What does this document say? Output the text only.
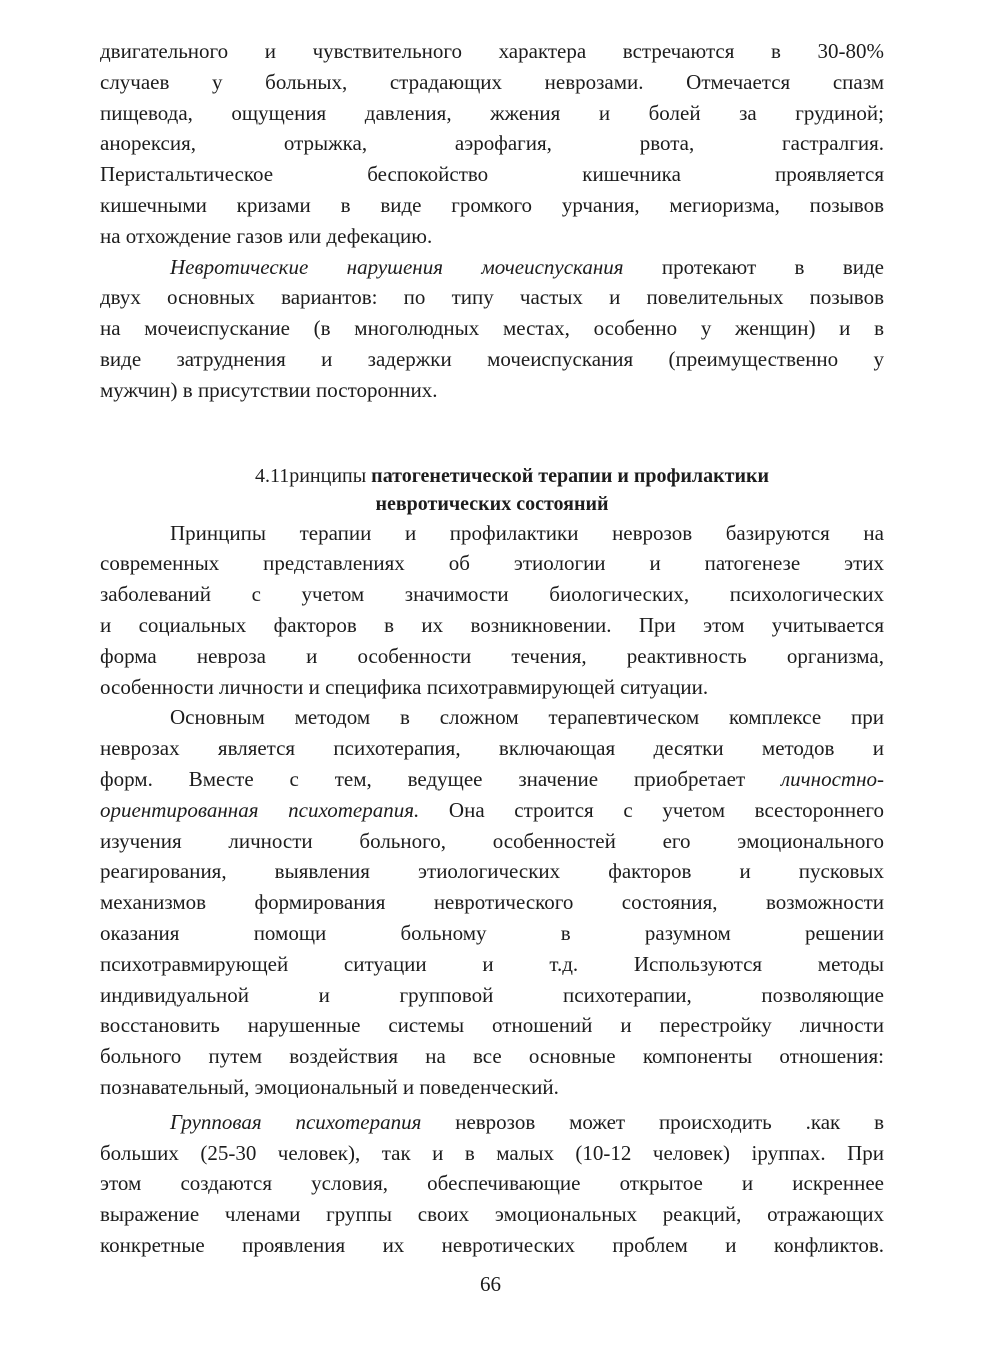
двигательного и чувствительного характера встречаются в 30-80%
случаев у больных, страдающих неврозами. Отмечается спазм
пищевода, ощущения давления, жжения и болей за грудиной;
анорексия, отрыжка, аэрофагия, рвота, гастралгия.
Перистальтическое беспокойство кишечника проявляется
кишечными кризами в виде громкого урчания, мегиоризма, позывов
на отхождение газов или дефекацию.
Невротические нарушения мочеиспускания протекают в виде
двух основных вариантов: по типу частых и повелительных позывов
на мочеиспускание (в многолюдных местах, особенно у женщин) и в
виде затруднения и задержки мочеиспускания (преимущественно у
мужчин) в присутствии посторонних.
4.11ринципы патогенетической терапии и профилактики
невротических состояний
Принципы терапии и профилактики неврозов базируются на
современных представлениях об этиологии и патогенезе этих
заболеваний с учетом значимости биологических, психологических
и социальных факторов в их возникновении. При этом учитывается
форма невроза и особенности течения, реактивность организма,
особенности личности и специфика психотравмирующей ситуации.
Основным методом в сложном терапевтическом комплексе при
неврозах является психотерапия, включающая десятки методов и
форм. Вместе с тем, ведущее значение приобретает личностно-
ориентированная психотерапия. Она строится с учетом всестороннего
изучения личности больного, особенностей его эмоционального
реагирования, выявления этиологических факторов и пусковых
механизмов формирования невротического состояния, возможности
оказания помощи больному в разумном решении
психотравмирующей ситуации и т.д. Используются методы
индивидуальной и групповой психотерапии, позволяющие
восстановить нарушенные системы отношений и перестройку личности
больного путем воздействия на все основные компоненты отношения:
познавательный, эмоциональный и поведенческий.
Групповая психотерапия неврозов может происходить .как в
больших (25-30 человек), так и в малых (10-12 человек) іруппах. При
этом создаются условия, обеспечивающие открытое и искреннее
выражение членами группы своих эмоциональных реакций, отражающих
конкретные проявления их невротических проблем и конфликтов.
66
